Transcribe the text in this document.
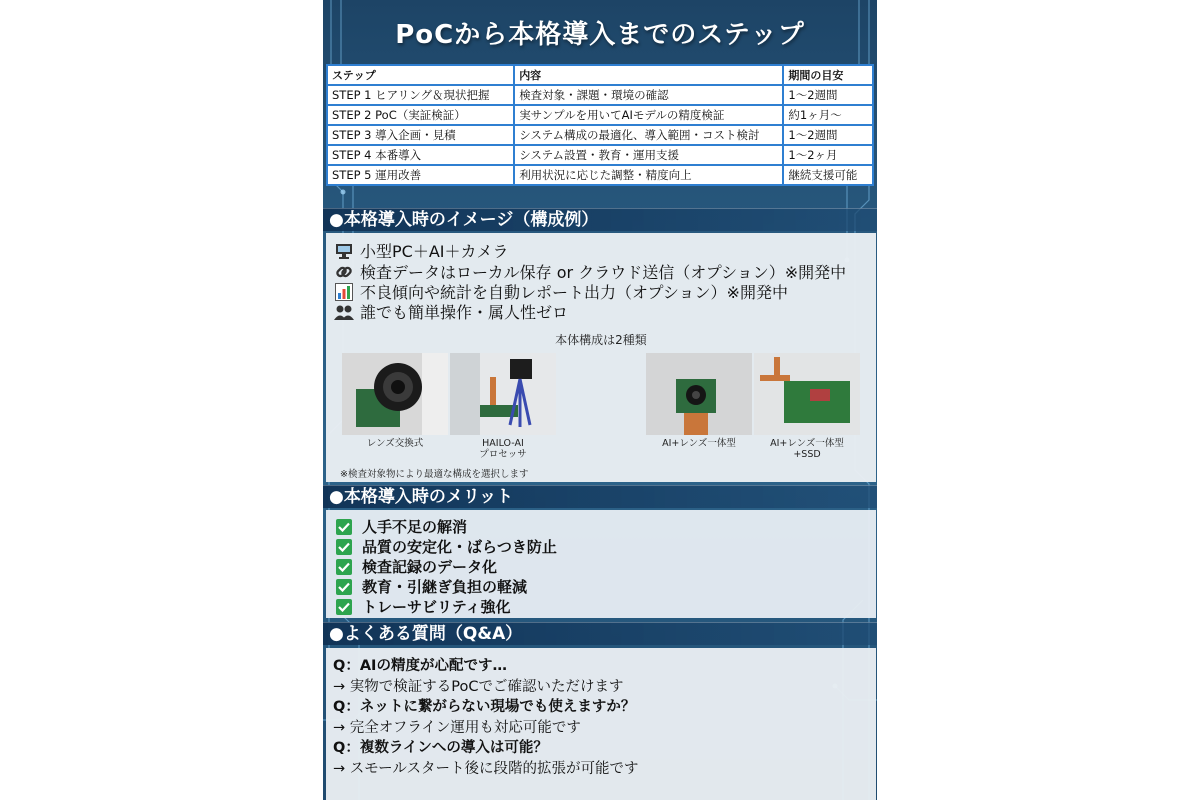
PoCから本格導入までのステップ
ステップ	内容	期間の目安
STEP 1 ヒアリング＆現状把握	検査対象・課題・環境の確認	1〜2週間
STEP 2 PoC（実証検証）	実サンプルを用いてAIモデルの精度検証	約1ヶ月〜
STEP 3 導入企画・見積	システム構成の最適化、導入範囲・コスト検討	1〜2週間
STEP 4 本番導入	システム設置・教育・運用支援	1〜2ヶ月
STEP 5 運用改善	利用状況に応じた調整・精度向上	継続支援可能
●本格導入時のイメージ（構成例）
小型PC＋AI＋カメラ
検査データはローカル保存 or クラウド送信（オプション）※開発中
不良傾向や統計を自動レポート出力（オプション）※開発中
誰でも簡単操作・属人性ゼロ
本体構成は2種類
レンズ交換式	HAILO-AI
プロセッサ
AI+レンズ一体型	AI+レンズ一体型
+SSD
※検査対象物により最適な構成を選択します
●本格導入時のメリット
人手不足の解消
品質の安定化・ばらつき防止
検査記録のデータ化
教育・引継ぎ負担の軽減
トレーサビリティ強化
●よくある質問（Q&A）
Q：AIの精度が心配です…
→ 実物で検証するPoCでご確認いただけます
Q：ネットに繋がらない現場でも使えますか？
→ 完全オフライン運用も対応可能です
Q：複数ラインへの導入は可能？
→ スモールスタート後に段階的拡張が可能です
